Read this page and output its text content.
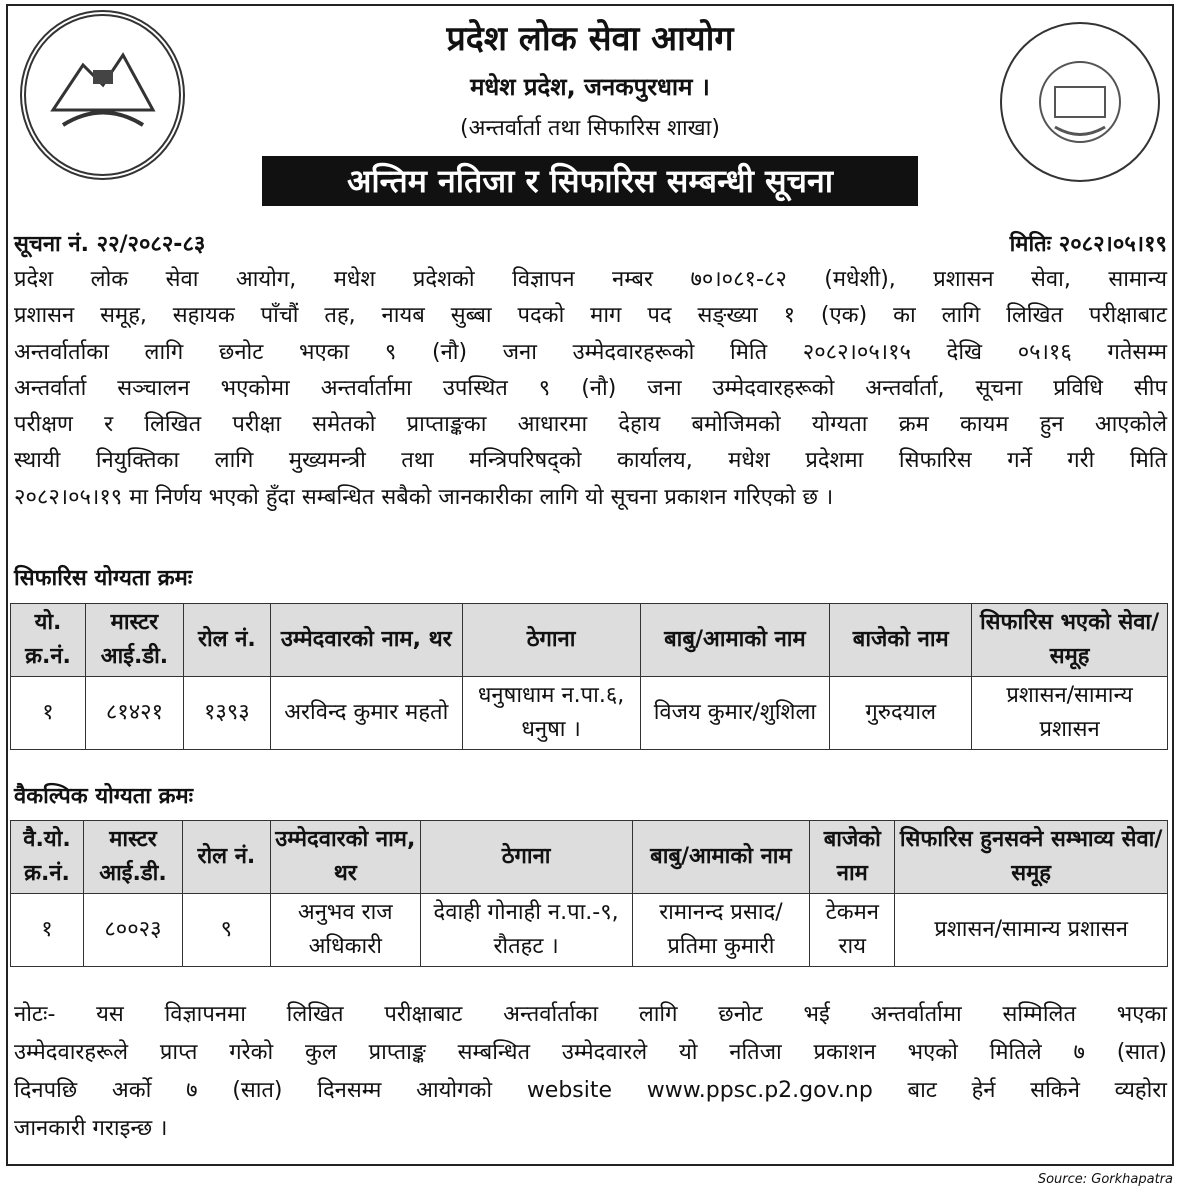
प्रदेश लोक सेवा आयोग
मधेश प्रदेश, जनकपुरधाम ।
(अन्तर्वार्ता तथा सिफारिस शाखा)
अन्तिम नतिजा र सिफारिस सम्बन्धी सूचना
सूचना नं. २२/२०८२-८३	मितिः २०८२।०५।१९
प्रदेश लोक सेवा आयोग, मधेश प्रदेशको विज्ञापन नम्बर ७०।०८१-८२ (मधेशी), प्रशासन सेवा, सामान्य
प्रशासन समूह, सहायक पाँचौं तह, नायब सुब्बा पदको माग पद सङ्ख्या १ (एक) का लागि लिखित परीक्षाबाट
अन्तर्वार्ताका लागि छनोट भएका ९ (नौ) जना उम्मेदवारहरूको मिति २०८२।०५।१५ देखि ०५।१६ गतेसम्म
अन्तर्वार्ता सञ्चालन भएकोमा अन्तर्वार्तामा उपस्थित ९ (नौ) जना उम्मेदवारहरूको अन्तर्वार्ता, सूचना प्रविधि सीप
परीक्षण र लिखित परीक्षा समेतको प्राप्ताङ्कका आधारमा देहाय बमोजिमको योग्यता क्रम कायम हुन आएकोले
स्थायी नियुक्तिका लागि मुख्यमन्त्री तथा मन्त्रिपरिषद्को कार्यालय, मधेश प्रदेशमा सिफारिस गर्ने गरी मिति
२०८२।०५।१९ मा निर्णय भएको हुँदा सम्बन्धित सबैको जानकारीका लागि यो सूचना प्रकाशन गरिएको छ ।
सिफारिस योग्यता क्रमः
यो. क्र.नं.	मास्टर आई.डी.	रोल नं.	उम्मेदवारको नाम, थर	ठेगाना	बाबु/आमाको नाम	बाजेको नाम	सिफारिस भएको सेवा/समूह
१	८१४२१	१३९३	अरविन्द कुमार महतो	धनुषाधाम न.पा.६, धनुषा ।	विजय कुमार/शुशिला	गुरुदयाल	प्रशासन/सामान्य प्रशासन
वैकल्पिक योग्यता क्रमः
वै.यो. क्र.नं.	मास्टर आई.डी.	रोल नं.	उम्मेदवारको नाम, थर	ठेगाना	बाबु/आमाको नाम	बाजेको नाम	सिफारिस हुनसक्ने सम्भाव्य सेवा/समूह
१	८००२३	९	अनुभव राज अधिकारी	देवाही गोनाही न.पा.-९, रौतहट ।	रामानन्द प्रसाद/ प्रतिमा कुमारी	टेकमन राय	प्रशासन/सामान्य प्रशासन
नोटः- यस विज्ञापनमा लिखित परीक्षाबाट अन्तर्वार्ताका लागि छनोट भई अन्तर्वार्तामा सम्मिलित भएका
उम्मेदवारहरूले प्राप्त गरेको कुल प्राप्ताङ्क सम्बन्धित उम्मेदवारले यो नतिजा प्रकाशन भएको मितिले ७ (सात)
दिनपछि अर्को ७ (सात) दिनसम्म आयोगको website www.ppsc.p2.gov.np बाट हेर्न सकिने व्यहोरा
जानकारी गराइन्छ ।
Source: Gorkhapatra
